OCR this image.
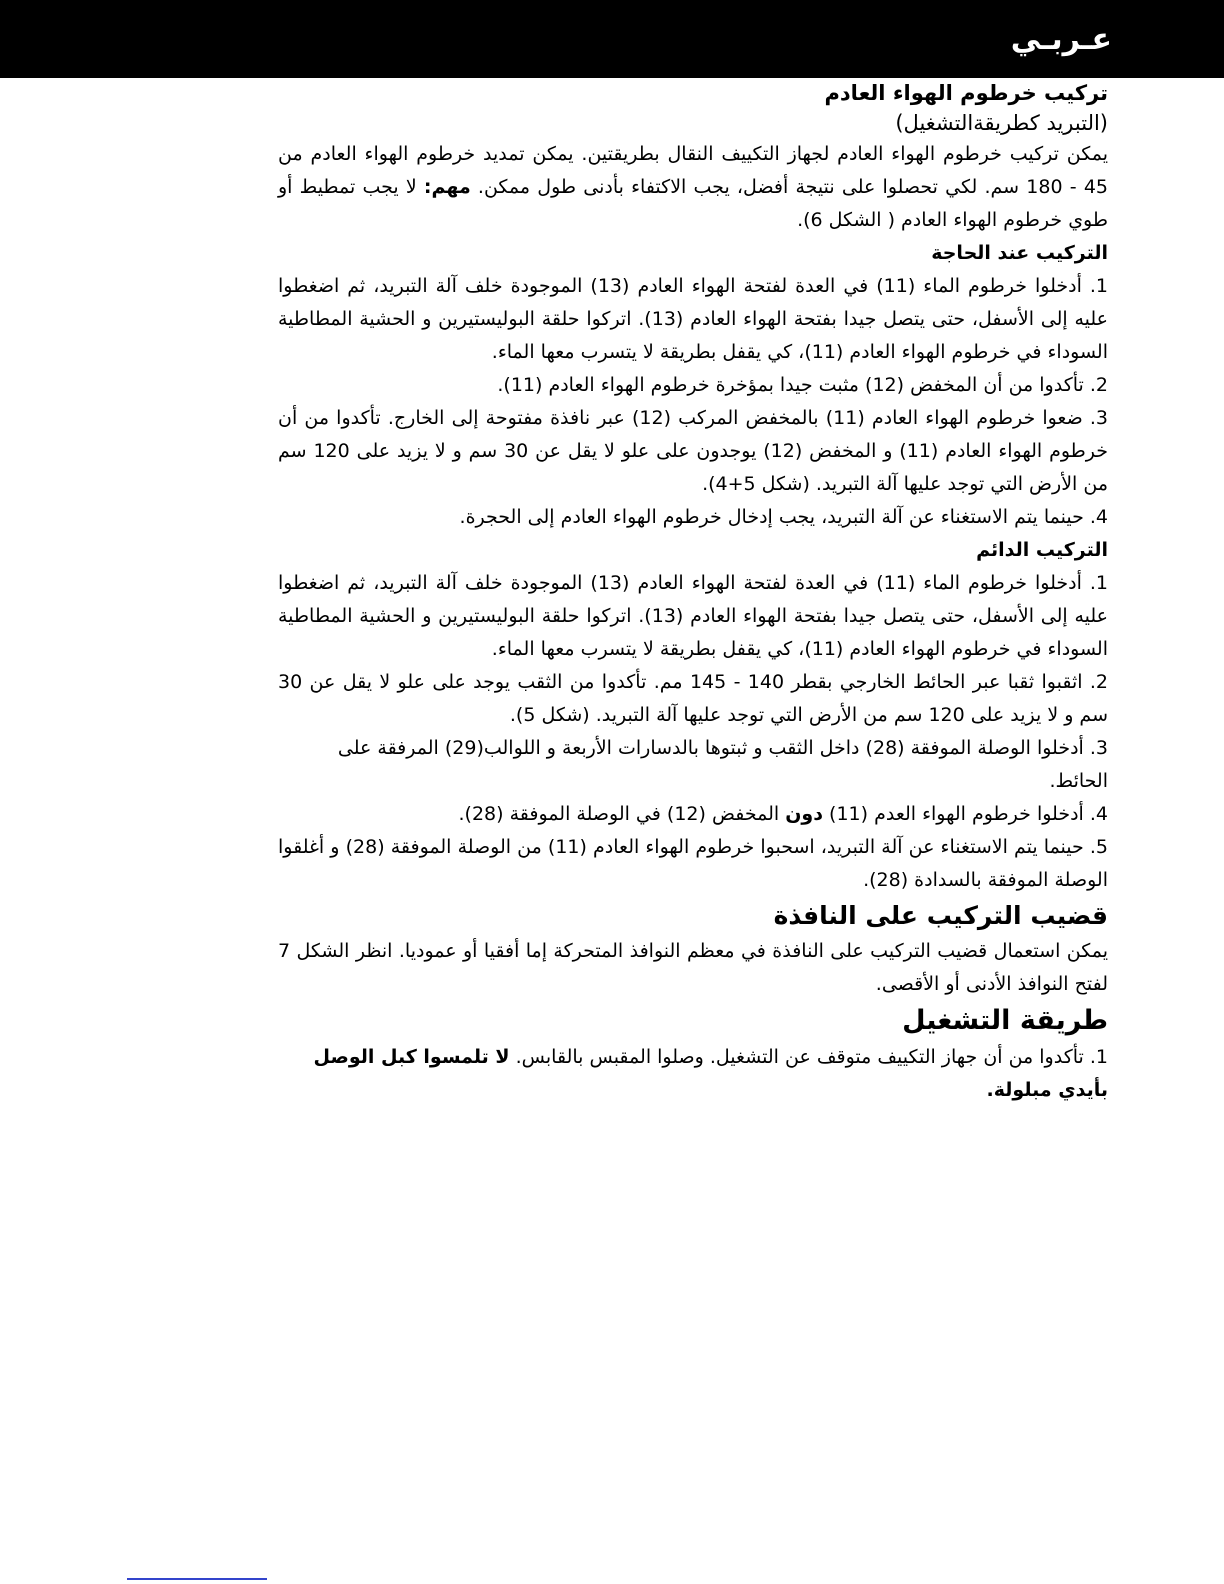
عـربـي

تركيب خرطوم الهواء العادم

(التبريد كطريقةالتشغيل)

يمكن تركيب خرطوم الهواء العادم لجهاز التكييف النقال بطريقتين. يمكن تمديد خرطوم الهواء العادم من 45 - 180 سم. لكي تحصلوا على نتيجة أفضل، يجب الاكتفاء بأدنى طول ممكن. مهم: لا يجب تمطيط أو طوي خرطوم الهواء العادم ( الشكل 6).

التركيب عند الحاجة

1. أدخلوا خرطوم الماء (11) في العدة لفتحة الهواء العادم (13) الموجودة خلف آلة التبريد، ثم اضغطوا عليه إلى الأسفل، حتى يتصل جيدا بفتحة الهواء العادم (13). اتركوا حلقة البوليستيرين و الحشية المطاطية السوداء في خرطوم الهواء العادم (11)، كي يقفل بطريقة لا يتسرب معها الماء.

2. تأكدوا من أن المخفض (12) مثبت جيدا بمؤخرة خرطوم الهواء العادم (11).

3. ضعوا خرطوم الهواء العادم (11) بالمخفض المركب (12) عبر نافذة مفتوحة إلى الخارج. تأكدوا من أن خرطوم الهواء العادم (11) و المخفض (12) يوجدون على علو لا يقل عن 30 سم و لا يزيد على 120 سم من الأرض التي توجد عليها آلة التبريد. (شكل 5+4).

4. حينما يتم الاستغناء عن آلة التبريد، يجب إدخال خرطوم الهواء العادم إلى الحجرة.

التركيب الدائم

1. أدخلوا خرطوم الماء (11) في العدة لفتحة الهواء العادم (13) الموجودة خلف آلة التبريد، ثم اضغطوا عليه إلى الأسفل، حتى يتصل جيدا بفتحة الهواء العادم (13). اتركوا حلقة البوليستيرين و الحشية المطاطية السوداء في خرطوم الهواء العادم (11)، كي يقفل بطريقة لا يتسرب معها الماء.

2. اثقبوا ثقبا عبر الحائط الخارجي بقطر 140 - 145 مم. تأكدوا من الثقب يوجد على علو لا يقل عن 30 سم و لا يزيد على 120 سم من الأرض التي توجد عليها آلة التبريد. (شكل 5).

3. أدخلوا الوصلة الموفقة (28) داخل الثقب و ثبتوها بالدسارات الأربعة و اللوالب(29) المرفقة على الحائط.

4. أدخلوا خرطوم الهواء العدم (11) دون المخفض (12) في الوصلة الموفقة (28).

5. حينما يتم الاستغناء عن آلة التبريد، اسحبوا خرطوم الهواء العادم (11) من الوصلة الموفقة (28) و أغلقوا الوصلة الموفقة بالسدادة (28).

قضيب التركيب على النافذة

يمكن استعمال قضيب التركيب على النافذة في معظم النوافذ المتحركة إما أفقيا أو عموديا. انظر الشكل 7 لفتح النوافذ الأدنى أو الأقصى.

طريقة التشغيل

1. تأكدوا من أن جهاز التكييف متوقف عن التشغيل. وصلوا المقبس بالقابس. لا تلمسوا كبل الوصل بأيدي مبلولة.
